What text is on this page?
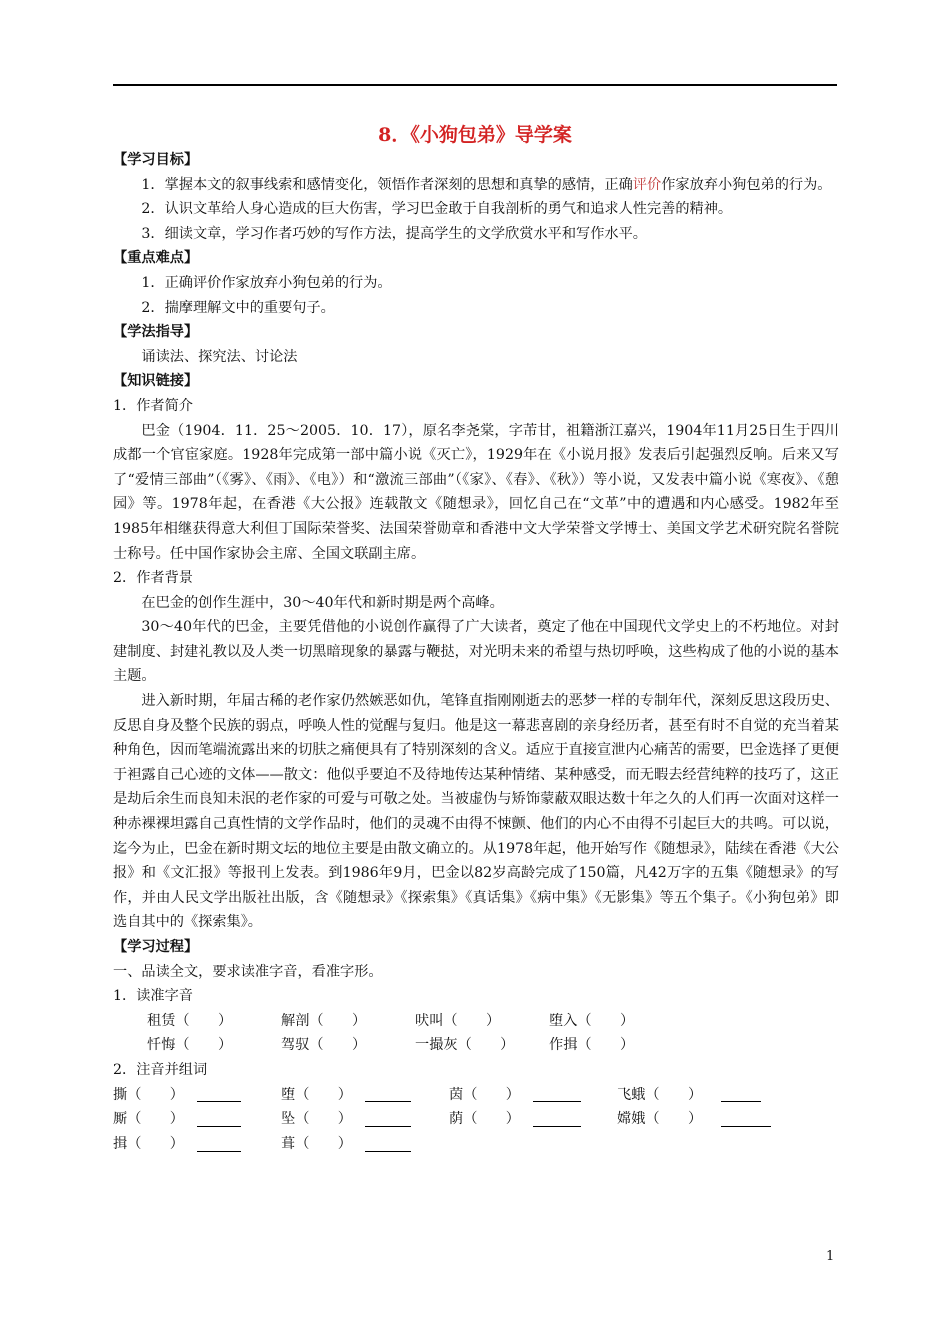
8．《小狗包弟》导学案

【学习目标】

1．掌握本文的叙事线索和感情变化，领悟作者深刻的思想和真挚的感情，正确评价作家放弃小狗包弟的行为。

2．认识文革给人身心造成的巨大伤害，学习巴金敢于自我剖析的勇气和追求人性完善的精神。

3．细读文章，学习作者巧妙的写作方法，提高学生的文学欣赏水平和写作水平。

【重点难点】

1．正确评价作家放弃小狗包弟的行为。

2．揣摩理解文中的重要句子。

【学法指导】

诵读法、探究法、讨论法

【知识链接】

1．作者简介

巴金（1904．11．25～2005．10．17），原名李尧棠，字芾甘，祖籍浙江嘉兴，1904年11月25日生于四川成都一个官宦家庭。1928年完成第一部中篇小说《灭亡》，1929年在《小说月报》发表后引起强烈反响。后来又写了“爱情三部曲”（《雾》、《雨》、《电》）和“激流三部曲”（《家》、《春》、《秋》）等小说，又发表中篇小说《寒夜》、《憩园》等。1978年起，在香港《大公报》连载散文《随想录》，回忆自己在“文革”中的遭遇和内心感受。1982年至1985年相继获得意大利但丁国际荣誉奖、法国荣誉勋章和香港中文大学荣誉文学博士、美国文学艺术研究院名誉院士称号。任中国作家协会主席、全国文联副主席。

2．作者背景

在巴金的创作生涯中，30～40年代和新时期是两个高峰。

30～40年代的巴金，主要凭借他的小说创作赢得了广大读者，奠定了他在中国现代文学史上的不朽地位。对封建制度、封建礼教以及人类一切黑暗现象的暴露与鞭挞，对光明未来的希望与热切呼唤，这些构成了他的小说的基本主题。

进入新时期，年届古稀的老作家仍然嫉恶如仇，笔锋直指刚刚逝去的恶梦一样的专制年代，深刻反思这段历史、反思自身及整个民族的弱点，呼唤人性的觉醒与复归。他是这一幕悲喜剧的亲身经历者，甚至有时不自觉的充当着某种角色，因而笔端流露出来的切肤之痛便具有了特别深刻的含义。适应于直接宣泄内心痛苦的需要，巴金选择了更便于袒露自己心迹的文体——散文：他似乎要迫不及待地传达某种情绪、某种感受，而无暇去经营纯粹的技巧了，这正是劫后余生而良知未泯的老作家的可爱与可敬之处。当被虚伪与矫饰蒙蔽双眼达数十年之久的人们再一次面对这样一种赤裸裸坦露自己真性情的文学作品时，他们的灵魂不由得不悚颤、他们的内心不由得不引起巨大的共鸣。可以说，迄今为止，巴金在新时期文坛的地位主要是由散文确立的。从1978年起，他开始写作《随想录》，陆续在香港《大公报》和《文汇报》等报刊上发表。到1986年9月，巴金以82岁高龄完成了150篇，凡42万字的五集《随想录》的写作，并由人民文学出版社出版，含《随想录》《探索集》《真话集》《病中集》《无影集》等五个集子。《小狗包弟》即选自其中的《探索集》。

【学习过程】

一、品读全文，要求读准字音，看准字形。

1．读准字音

租赁（　　）	解剖（　　）	吠叫（　　）	堕入（　　）
忏悔（　　）	驾驭（　　）	一撮灰（　　）	作揖（　　）

2．注音并组词

撕（　　）	堕（　　）	茵（　　）	飞蛾（　　）
厮（　　）	坠（　　）	荫（　　）	嫦娥（　　）
揖（　　）	葺（　　）
1
